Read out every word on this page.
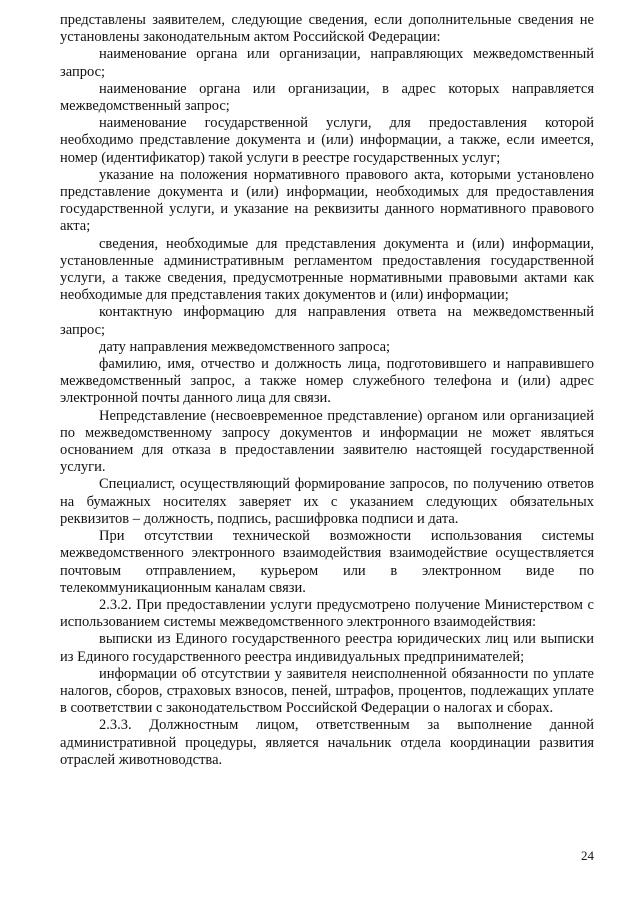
представлены заявителем, следующие сведения, если дополнительные сведения не установлены законодательным актом Российской Федерации:

наименование органа или организации, направляющих межведомственный запрос;

наименование органа или организации, в адрес которых направляется межведомственный запрос;

наименование государственной услуги, для предоставления которой необходимо представление документа и (или) информации, а также, если имеется, номер (идентификатор) такой услуги в реестре государственных услуг;

указание на положения нормативного правового акта, которыми установлено представление документа и (или) информации, необходимых для предоставления государственной услуги, и указание на реквизиты данного нормативного правового акта;

сведения, необходимые для представления документа и (или) информации, установленные административным регламентом предоставления государственной услуги, а также сведения, предусмотренные нормативными правовыми актами как необходимые для представления таких документов и (или) информации;

контактную информацию для направления ответа на межведомственный запрос;

дату направления межведомственного запроса;

фамилию, имя, отчество и должность лица, подготовившего и направившего межведомственный запрос, а также номер служебного телефона и (или) адрес электронной почты данного лица для связи.

Непредставление (несвоевременное представление) органом или организацией по межведомственному запросу документов и информации не может являться основанием для отказа в предоставлении заявителю настоящей государственной услуги.

Специалист, осуществляющий формирование запросов, по получению ответов на бумажных носителях заверяет их с указанием следующих обязательных реквизитов – должность, подпись, расшифровка подписи и дата.

При отсутствии технической возможности использования системы межведомственного электронного взаимодействия взаимодействие осуществляется почтовым отправлением, курьером или в электронном виде по телекоммуникационным каналам связи.

2.3.2. При предоставлении услуги предусмотрено получение Министерством с использованием системы межведомственного электронного взаимодействия:

выписки из Единого государственного реестра юридических лиц или выписки из Единого государственного реестра индивидуальных предпринимателей;

информации об отсутствии у заявителя неисполненной обязанности по уплате налогов, сборов, страховых взносов, пеней, штрафов, процентов, подлежащих уплате в соответствии с законодательством Российской Федерации о налогах и сборах.

2.3.3. Должностным лицом, ответственным за выполнение данной административной процедуры, является начальник отдела координации развития отраслей животноводства.

24
